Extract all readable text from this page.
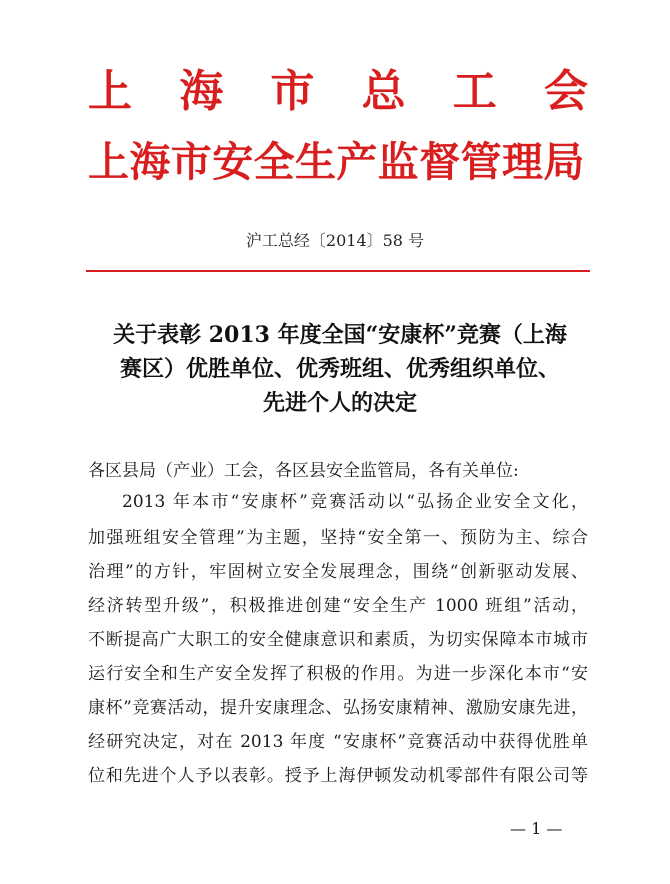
上 海 市 总 工 会
上海市安全生产监督管理局
沪工总经〔2014〕58 号
关于表彰 2013 年度全国“安康杯”竞赛（上海
赛区）优胜单位、优秀班组、优秀组织单位、
先进个人的决定
各区县局（产业）工会，各区县安全监管局，各有关单位:

2013 年本市“安康杯”竞赛活动以“弘扬企业安全文化，

加强班组安全管理”为主题，坚持“安全第一、预防为主、综合

治理”的方针，牢固树立安全发展理念，围绕“创新驱动发展、

经济转型升级”，积极推进创建“安全生产 1000 班组”活动，

不断提高广大职工的安全健康意识和素质，为切实保障本市城市

运行安全和生产安全发挥了积极的作用。为进一步深化本市“安

康杯”竞赛活动，提升安康理念、弘扬安康精神、激励安康先进，

经研究决定，对在 2013 年度 “安康杯”竞赛活动中获得优胜单

位和先进个人予以表彰。授予上海伊顿发动机零部件有限公司等

— 1 —
